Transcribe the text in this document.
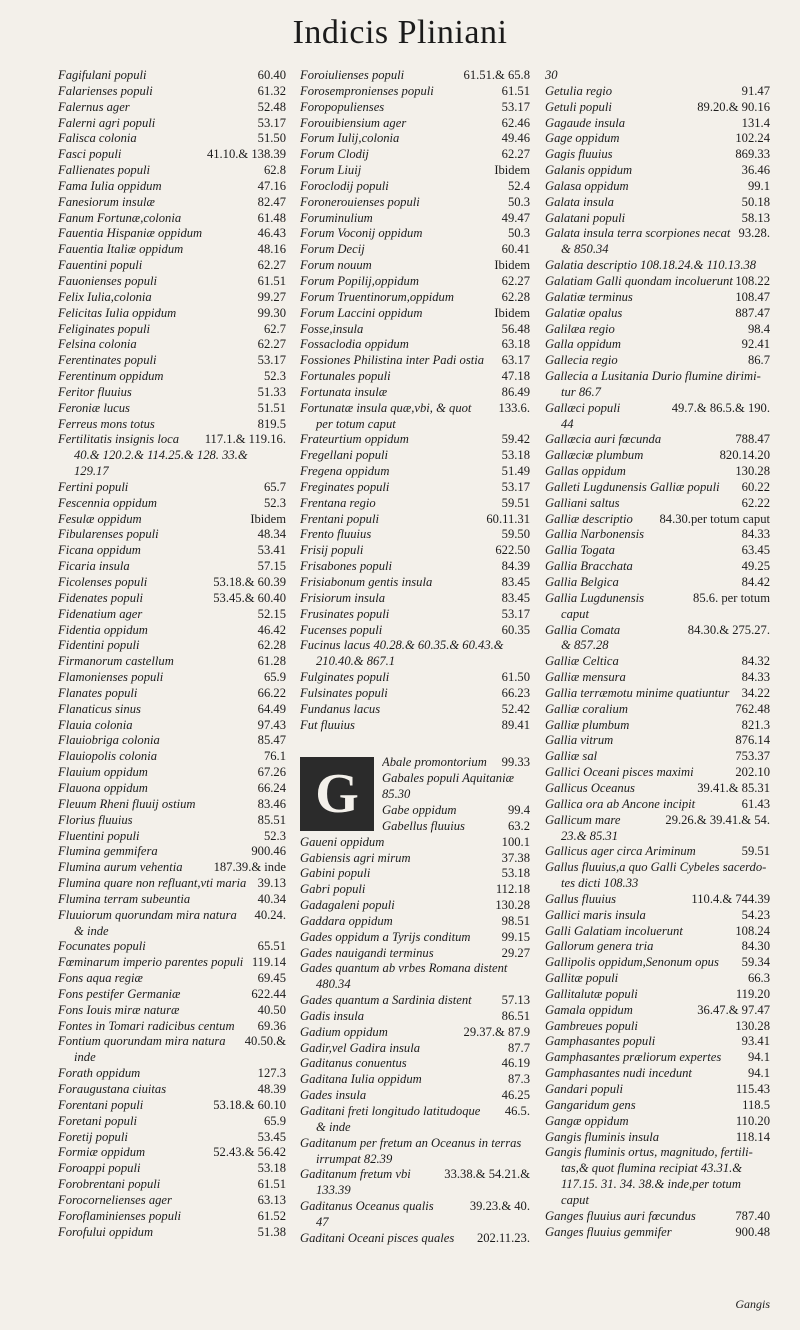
Indicis Pliniani
Fagifulani populi	60.40
Falarienses populi	61.32
Falernus ager	52.48
Falerni agri populi	53.17
Falisca colonia	51.50
Fasci populi	41.10.& 138.39
Fallienates populi	62.8
Fama Iulia oppidum	47.16
Fanesiorum insulæ	82.47
Fanum Fortunæ,colonia	61.48
Fauentia Hispaniæ oppidum	46.43
Fauentia Italiæ oppidum	48.16
Fauentini populi	62.27
Fauonienses populi	61.51
Felix Iulia,colonia	99.27
Felicitas Iulia oppidum	99.30
Feliginates populi	62.7
Felsina colonia	62.27
Ferentinates populi	53.17
Ferentinum oppidum	52.3
Feritor fluuius	51.33
Feroniæ lucus	51.51
Ferreus mons totus	819.5
Fertilitatis insignis loca	117.1.& 119.16.
40.& 120.2.& 114.25.& 128. 33.&
129.17
Fertini populi	65.7
Fescennia oppidum	52.3
Fesulæ oppidum	Ibidem
Fibularenses populi	48.34
Ficana oppidum	53.41
Ficaria insula	57.15
Ficolenses populi	53.18.& 60.39
Fidenates populi	53.45.& 60.40
Fidenatium ager	52.15
Fidentia oppidum	46.42
Fidentini populi	62.28
Firmanorum castellum	61.28
Flamonienses populi	65.9
Flanates populi	66.22
Flanaticus sinus	64.49
Flauia colonia	97.43
Flauiobriga colonia	85.47
Flauiopolis colonia	76.1
Flauium oppidum	67.26
Flauona oppidum	66.24
Fleuum Rheni fluuij ostium	83.46
Florius fluuius	85.51
Fluentini populi	52.3
Flumina gemmifera	900.46
Flumina aurum vehentia	187.39.& inde
Flumina quare non refluant,vti maria 39.13
Flumina terram subeuntia	40.34
Fluuiorum quorundam mira natura	40.24.
& inde
Focunates populi	65.51
Fœminarum imperio parentes populi 119.14
Fons aqua regiæ	69.45
Fons pestifer Germaniæ	622.44
Fons Iouis miræ naturæ	40.50
Fontes in Tomari radicibus centum	69.36
Fontium quorundam mira natura	40.50.&
inde
Forath oppidum	127.3
Foraugustana ciuitas	48.39
Forentani populi	53.18.& 60.10
Foretani populi	65.9
Foretij populi	53.45
Formiæ oppidum	52.43.& 56.42
Foroappi populi	53.18
Forobrentani populi	61.51
Forocornelienses ager	63.13
Foroflaminienses populi	61.52
Forofului oppidum	51.38
Foroiulienses populi	61.51.& 65.8
Forosempronienses populi	61.51
Foropopulienses	53.17
Forouibiensium ager	62.46
Forum Iulij,colonia	49.46
Forum Clodij	62.27
Forum Liuij	Ibidem
Foroclodij populi	52.4
Foronerouienses populi	50.3
Foruminulium	49.47
Forum Voconij oppidum	50.3
Forum Decij	60.41
Forum nouum	Ibidem
Forum Popilij,oppidum	62.27
Forum Truentinorum,oppidum	62.28
Forum Laccini oppidum	Ibidem
Fosse,insula	56.48
Fossaclodia oppidum	63.18
Fossiones Philistina inter Padi ostia	63.17
Fortunales populi	47.18
Fortunata insulæ	86.49
Fortunatæ insula quæ,vbi, & quot	133.6.
per totum caput
Frateurtium oppidum	59.42
Fregellani populi	53.18
Fregena oppidum	51.49
Freginates populi	53.17
Frentana regio	59.51
Frentani populi	60.11.31
Frento fluuius	59.50
Frisij populi	622.50
Frisabones populi	84.39
Frisiabonum gentis insula	83.45
Frisiorum insula	83.45
Frusinates populi	53.17
Fucenses populi	60.35
Fucinus lacus 40.28.& 60.35.& 60.43.&
210.40.& 867.1
Fulginates populi	61.50
Fulsinates populi	66.23
Fundanus lacus	52.42
Fut fluuius	89.41
G
Abale promontorium	99.33
Gabales populi Aquitaniæ
85.30
Gabe oppidum	99.4
Gabellus fluuius	63.2
Gaueni oppidum	100.1
Gabiensis agri mirum	37.38
Gabini populi	53.18
Gabri populi	112.18
Gadagaleni populi	130.28
Gaddara oppidum	98.51
Gades oppidum a Tyrijs conditum	99.15
Gades nauigandi terminus	29.27
Gades quantum ab vrbes Romana distent
480.34
Gades quantum a Sardinia distent	57.13
Gadis insula	86.51
Gadium oppidum	29.37.& 87.9
Gadir,vel Gadira insula	87.7
Gaditanus conuentus	46.19
Gaditana Iulia oppidum	87.3
Gades insula	46.25
Gaditani freti longitudo latitudoque	46.5.
& inde
Gaditanum per fretum an Oceanus in terras
irrumpat 82.39
Gaditanum fretum vbi	33.38.& 54.21.&
133.39
Gaditanus Oceanus qualis	39.23.& 40.
47
Gaditani Oceani pisces quales	202.11.23.
30
Getulia regio	91.47
Getuli populi	89.20.& 90.16
Gagaude insula	131.4
Gage oppidum	102.24
Gagis fluuius	869.33
Galanis oppidum	36.46
Galasa oppidum	99.1
Galata insula	50.18
Galatani populi	58.13
Galata insula terra scorpiones necat 93.28.
& 850.34
Galatia descriptio 108.18.24.& 110.13.38
Galatiam Galli quondam incoluerunt 108.22
Galatiæ terminus	108.47
Galatiæ opalus	887.47
Galilæa regio	98.4
Galla oppidum	92.41
Gallecia regio	86.7
Gallecia a Lusitania Durio flumine dirimi-
tur 86.7
Gallæci populi	49.7.& 86.5.& 190.
44
Gallæcia auri fœcunda	788.47
Gallæciæ plumbum	820.14.20
Gallas oppidum	130.28
Galleti Lugdunensis Galliæ populi	60.22
Galliani saltus	62.22
Galliæ descriptio	84.30.per totum caput
Gallia Narbonensis	84.33
Gallia Togata	63.45
Gallia Bracchata	49.25
Gallia Belgica	84.42
Gallia Lugdunensis	85.6. per totum
caput
Gallia Comata	84.30.& 275.27.
& 857.28
Galliæ Celtica	84.32
Galliæ mensura	84.33
Gallia terræmotu minime quatiuntur 34.22
Galliæ coralium	762.48
Galliæ plumbum	821.3
Gallia vitrum	876.14
Galliæ sal	753.37
Gallici Oceani pisces maximi	202.10
Gallicus Oceanus	39.41.& 85.31
Gallica ora ab Ancone incipit	61.43
Gallicum mare	29.26.& 39.41.& 54.
23.& 85.31
Gallicus ager circa Ariminum	59.51
Gallus fluuius,a quo Galli Cybeles sacerdo-
tes dicti 108.33
Gallus fluuius	110.4.& 744.39
Gallici maris insula	54.23
Galli Galatiam incoluerunt	108.24
Gallorum genera tria	84.30
Gallipolis oppidum,Senonum opus	59.34
Gallitæ populi	66.3
Gallitalutæ populi	119.20
Gamala oppidum	36.47.& 97.47
Gambreues populi	130.28
Gamphasantes populi	93.41
Gamphasantes præliorum expertes	94.1
Gamphasantes nudi incedunt	94.1
Gandari populi	115.43
Gangaridum gens	118.5
Gangæ oppidum	110.20
Gangis fluminis insula	118.14
Gangis fluminis ortus, magnitudo, fertili-
tas,& quot flumina recipiat 43.31.&
117.15. 31. 34. 38.& inde,per totum
caput
Ganges fluuius auri fœcundus	787.40
Ganges fluuius gemmifer	900.48
Gangis
